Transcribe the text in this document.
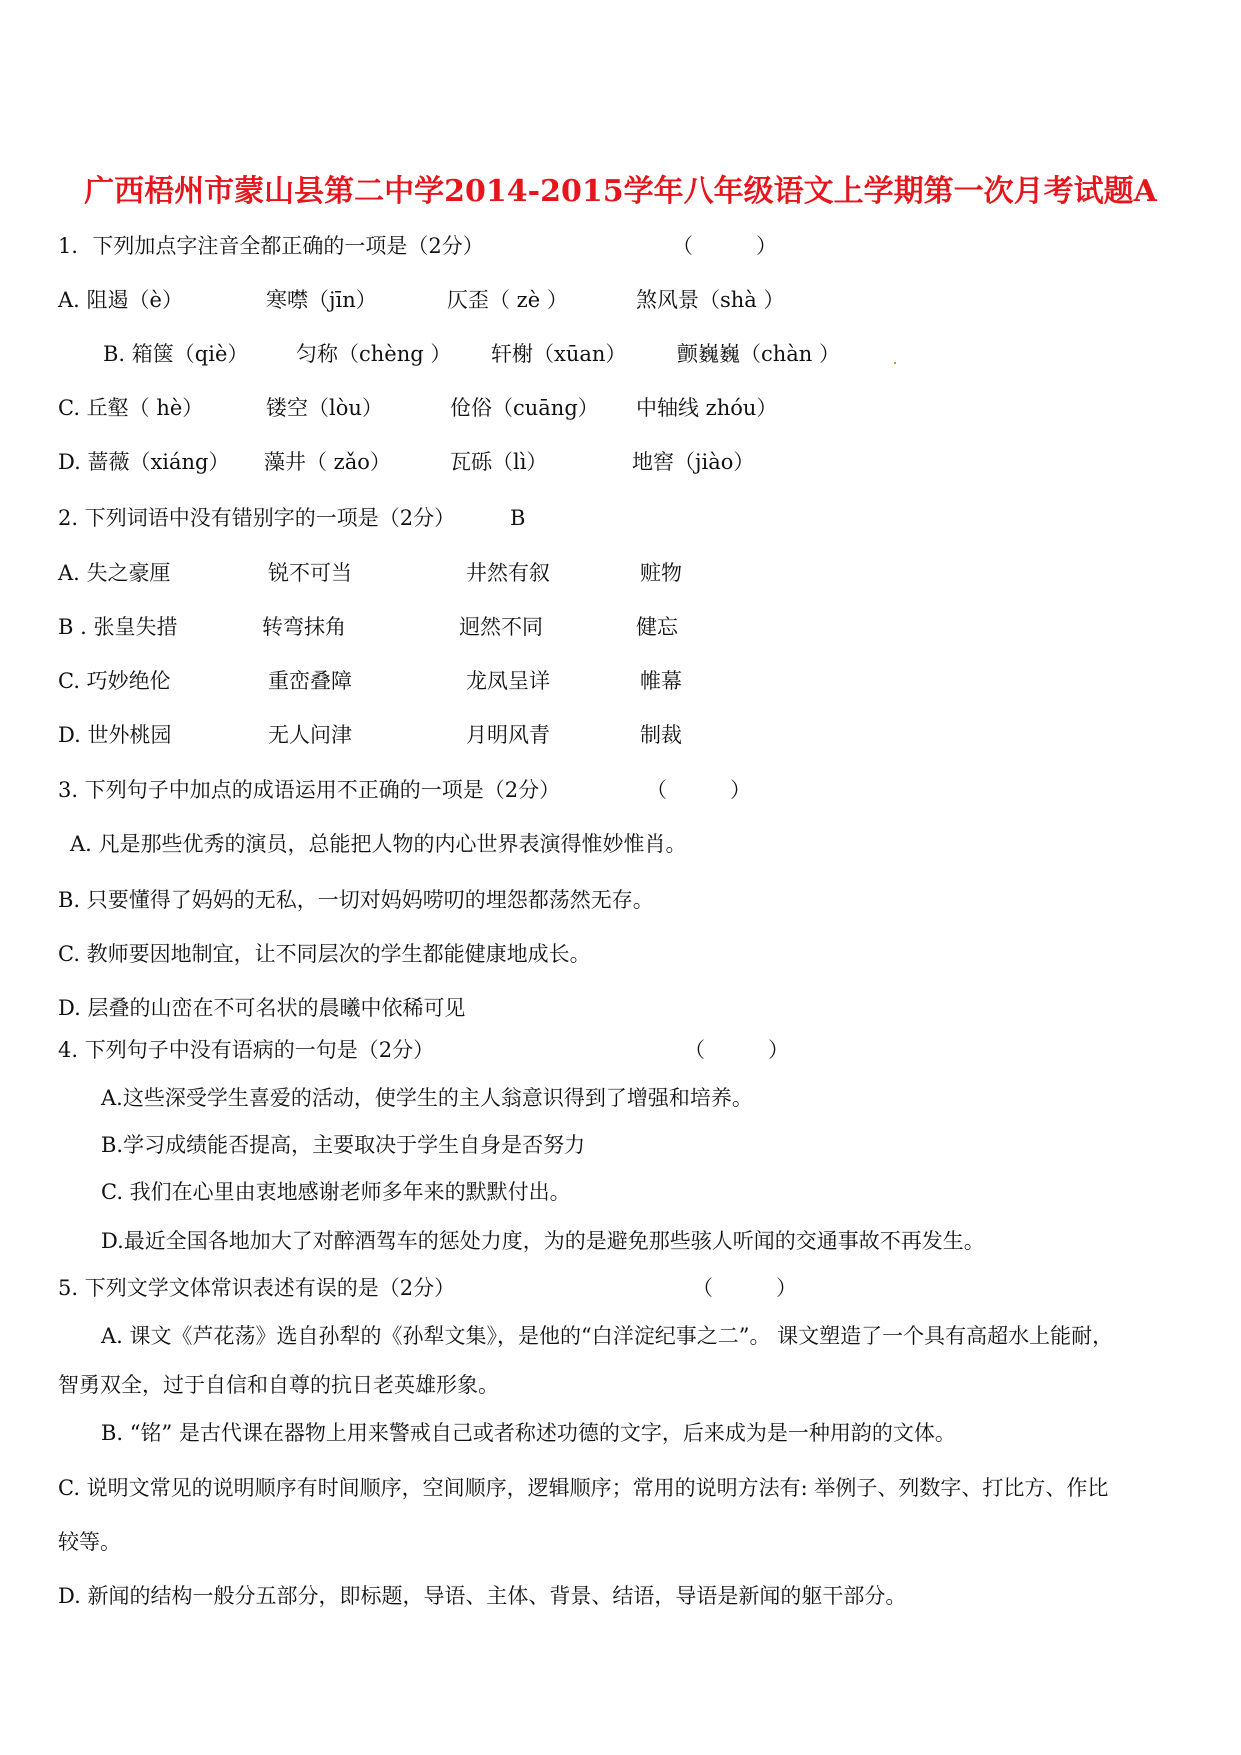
广西梧州市蒙山县第二中学2014-2015学年八年级语文上学期第一次月考试题A
1．下列加点字注音全都正确的一项是（2分）	（　　　）
A. 阻遏（è）	寒噤（jīn）	仄歪（ zè ）	煞风景（shà ）
B. 箱箧（qiè） 匀称（chèng ） 轩榭（xūan） 颤巍巍（chàn ）
C. 丘壑（ hè）	镂空（lòu）	伧俗（cuāng） 中轴线 zhóu）
D. 蔷薇（xiáng） 藻井（ zǎo）	瓦砾（lì）	地窖（jiào）
2. 下列词语中没有错别字的一项是（2分）	B
A. 失之豪厘	锐不可当	井然有叙	赃物
B . 张皇失措	转弯抹角	迥然不同	健忘
C. 巧妙绝伦	重峦叠障	龙凤呈详	帷幕
D. 世外桃园	无人问津	月明风青	制裁
3. 下列句子中加点的成语运用不正确的一项是（2分）	（　　　）
A. 凡是那些优秀的演员，总能把人物的内心世界表演得惟妙惟肖。
B. 只要懂得了妈妈的无私，一切对妈妈唠叨的埋怨都荡然无存。
C. 教师要因地制宜，让不同层次的学生都能健康地成长。
D. 层叠的山峦在不可名状的晨曦中依稀可见
4. 下列句子中没有语病的一句是（2分）	（　　　）
A.这些深受学生喜爱的活动，使学生的主人翁意识得到了增强和培养。
B.学习成绩能否提高，主要取决于学生自身是否努力
C. 我们在心里由衷地感谢老师多年来的默默付出。
D.最近全国各地加大了对醉酒驾车的惩处力度，为的是避免那些骇人听闻的交通事故不再发生。
5. 下列文学文体常识表述有误的是（2分）	（　　　）
A. 课文《芦花荡》选自孙犁的《孙犁文集》，是他的“白洋淀纪事之二”。 课文塑造了一个具有高超水上能耐，
智勇双全，过于自信和自尊的抗日老英雄形象。
B. “铭” 是古代课在器物上用来警戒自己或者称述功德的文字，后来成为是一种用韵的文体。
C. 说明文常见的说明顺序有时间顺序，空间顺序，逻辑顺序；常用的说明方法有: 举例子、列数字、打比方、作比
较等。
D. 新闻的结构一般分五部分，即标题，导语、主体、背景、结语，导语是新闻的躯干部分。
